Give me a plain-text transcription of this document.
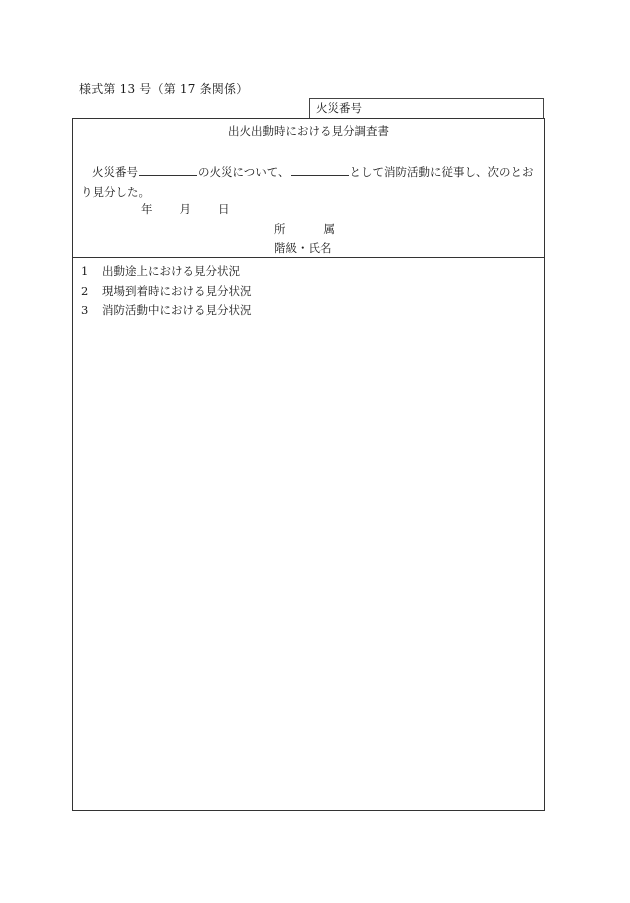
様式第 13 号（第 17 条関係）
火災番号
出火出動時における見分調査書
火災番号	の火災について、	として消防活動に従事し、次のとおり見分した。
年 月 日
所	属
階級・氏名
1 出動途上における見分状況
2 現場到着時における見分状況
3 消防活動中における見分状況
